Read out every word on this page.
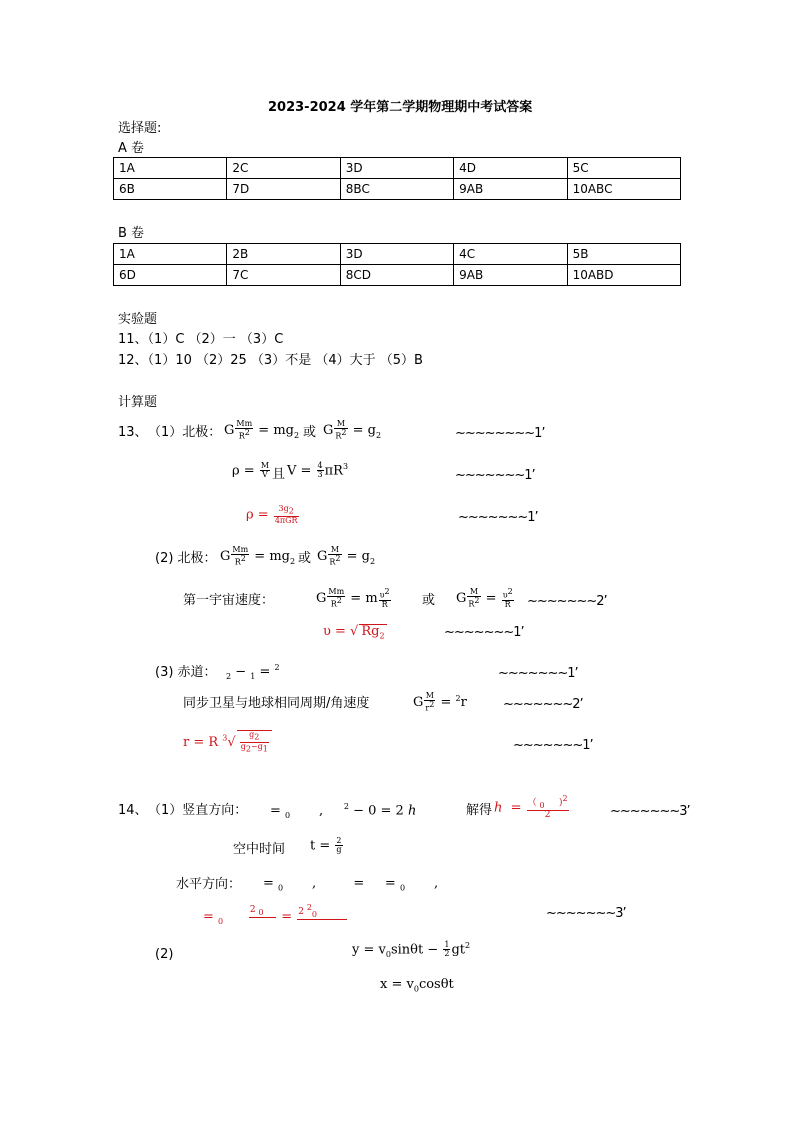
2023-2024 学年第二学期物理期中考试答案
选择题:
A 卷
1A	2C	3D	4D	5C
6B	7D	8BC	9AB	10ABC
B 卷
1A	2B	3D	4C	5B
6D	7C	8CD	9AB	10ABD
实验题
11、（1）C （2）一 （3）C
12、（1）10 （2）25 （3）不是 （4）大于 （5）B
计算题
13、 （1）北极： G $\frac{Mm}{R^2} = mg_2$ 或 G $\frac{M}{R^2} = g_2$	~~~~~~~~1’
$\rho = \frac{M}{V}$ 且 $V = \frac{4}{3} \pi R^3$
~~~~~~~1’
$\rho = \frac{3g_2}{\text{4πGR}}$	~~~~~~~1’
(2) 北极： G $\frac{Mm}{R^2} = mg_2$ 或 G $\frac{M}{R^2} = g_2$
第一宇宙速度：	G $\frac{Mm}{R^2} = m \frac{\upsilon^2}{R}$ 或 G $\frac{M}{R^2} = \frac{\upsilon^2}{R}$ ~~~~~~~2’
υ = √ $Rg_2$	~~~~~~~1’
(3) 赤道： $_2$ − $_1$ = $^2$	~~~~~~~1’
同步卫星与地球相同周期/角速度	G $\frac{M}{r^2} = ^2r$	~~~~~~~2’
r = R $^3√ \frac{g_2}{g_2-g_1}$	~~~~~~~1’
14、 （1）竖直方向： = $_0$       ,     $^2$ − 0 = 2 h	解得 $h = \frac{( _0 )^2}{2}$	~~~~~~~3’
空中时间 $t = \frac{2}{g}$
水平方向： = $_0$       ,         =     = $_0$       ,
= $_0$
2 $_0$
	= 2 $^2_0$
	~~~~~~~3’
(2)	$y = v_0\sin\theta t - \frac{1}{2} gt^2$
$x = v_0\cos\theta t$
